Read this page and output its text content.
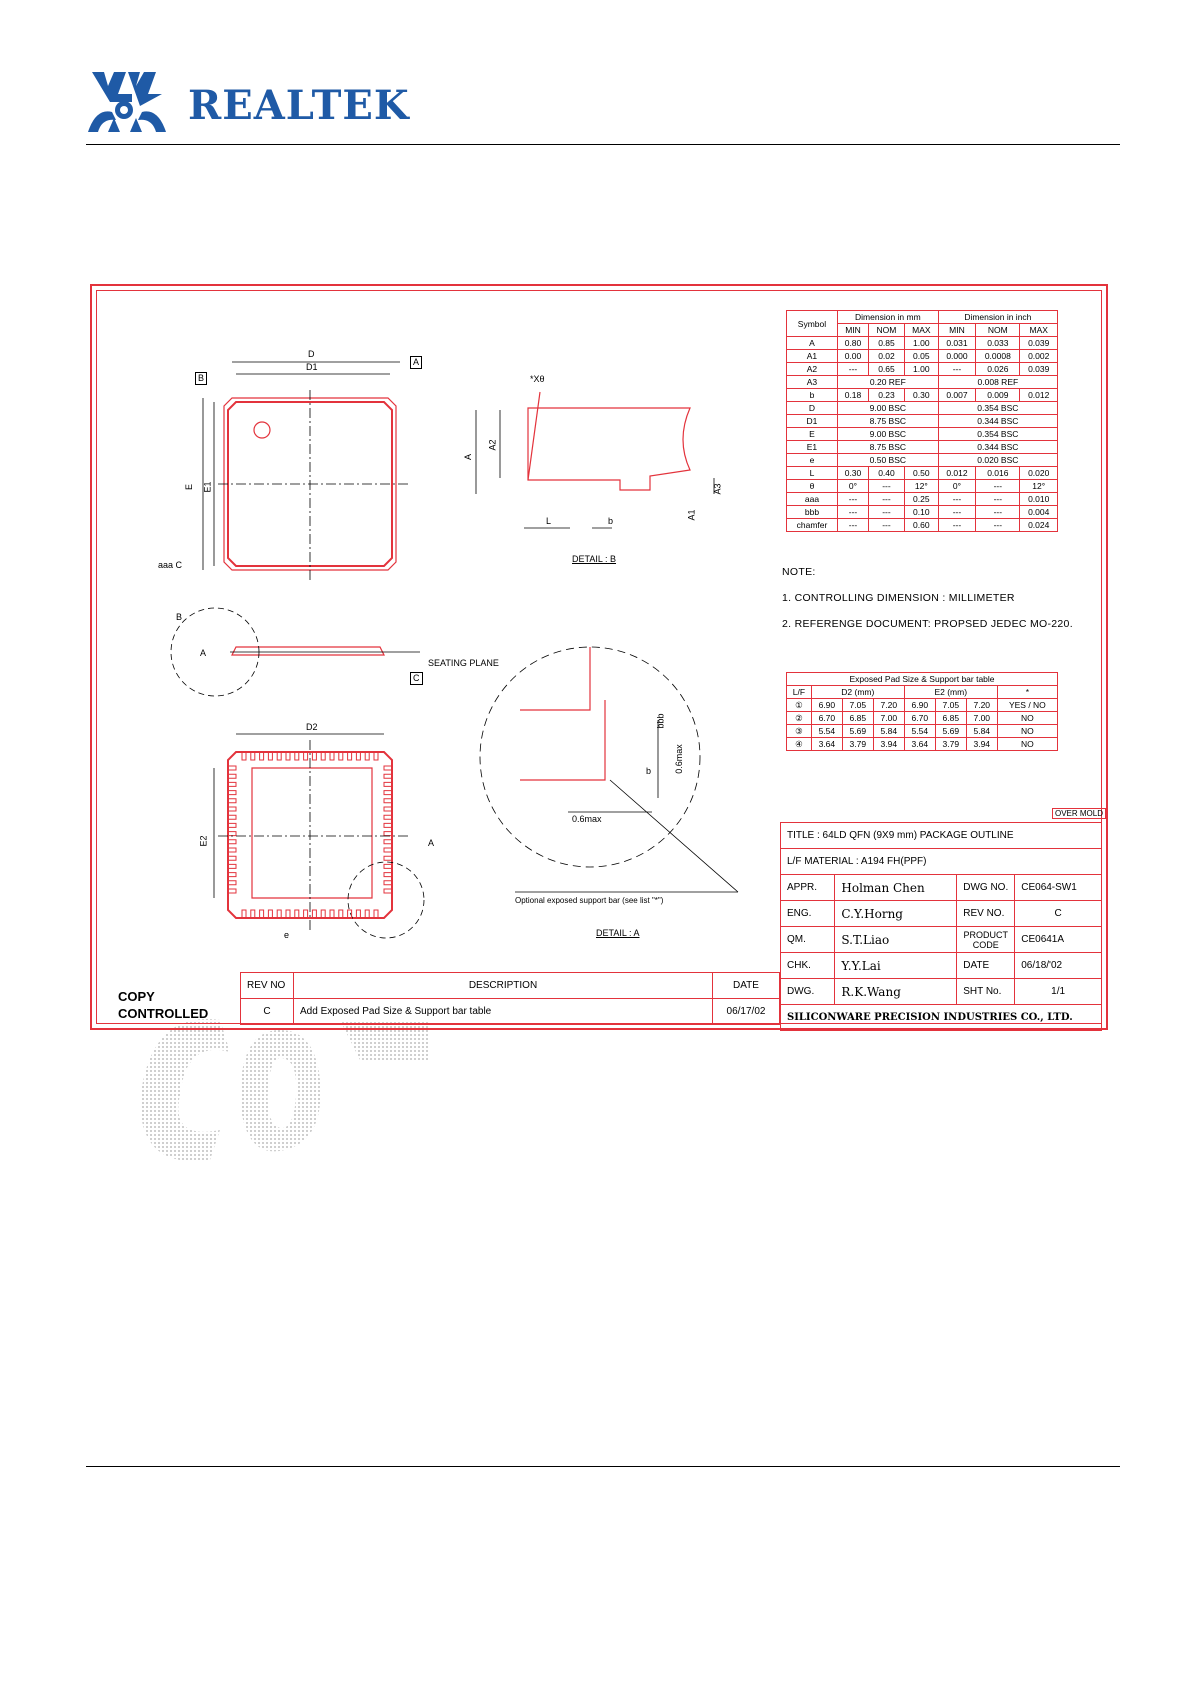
REALTEK
D
D1	A
B
E E1
aaa C
B
A
SEATING PLANE
C
D2
E2
e
A
*Xθ
A
A2
A3
A1
L	b
DETAIL : B
0.6max
b
0.6max
bbb
Optional exposed support bar (see list "*")
DETAIL : A
Symbol	Dimension in mm			Dimension in inch		
	MIN	NOM	MAX	MIN	NOM	MAX
A	0.80	0.85	1.00	0.031	0.033	0.039
A1	0.00	0.02	0.05	0.000	0.0008	0.002
A2	---	0.65	1.00	---	0.026	0.039
A3	0.20 REF			0.008 REF		
b	0.18	0.23	0.30	0.007	0.009	0.012
D	9.00 BSC			0.354 BSC		
D1	8.75 BSC			0.344 BSC		
E	9.00 BSC			0.354 BSC		
E1	8.75 BSC			0.344 BSC		
e	0.50 BSC			0.020 BSC		
L	0.30	0.40	0.50	0.012	0.016	0.020
θ	0°	---	12°	0°	---	12°
aaa	---	---	0.25	---	---	0.010
bbb	---	---	0.10	---	---	0.004
chamfer	---	---	0.60	---	---	0.024
NOTE:
1. CONTROLLING DIMENSION : MILLIMETER
2. REFERENGE DOCUMENT: PROPSED JEDEC MO-220.
Exposed Pad Size & Support bar table							
L/F	D2 (mm)			E2 (mm)			*
①	6.90	7.05	7.20	6.90	7.05	7.20	YES / NO
②	6.70	6.85	7.00	6.70	6.85	7.00	NO
③	5.54	5.69	5.84	5.54	5.69	5.84	NO
④	3.64	3.79	3.94	3.64	3.79	3.94	NO
OVER MOLD
TITLE : 64LD QFN (9X9 mm) PACKAGE OUTLINE			
L/F MATERIAL : A194 FH(PPF)			
APPR.	Holman Chen	DWG NO.	CE064-SW1
ENG.	C.Y.Horng	REV NO.	C
QM.	S.T.Liao	PRODUCT CODE	CE0641A
CHK.	Y.Y.Lai	DATE	06/18/'02
DWG.	R.K.Wang	SHT No.	1/1
SILICONWARE PRECISION INDUSTRIES CO., LTD.			
COPY
CONTROLLED
REV NO	DESCRIPTION	DATE
C	Add Exposed Pad Size & Support bar table	06/17/02
